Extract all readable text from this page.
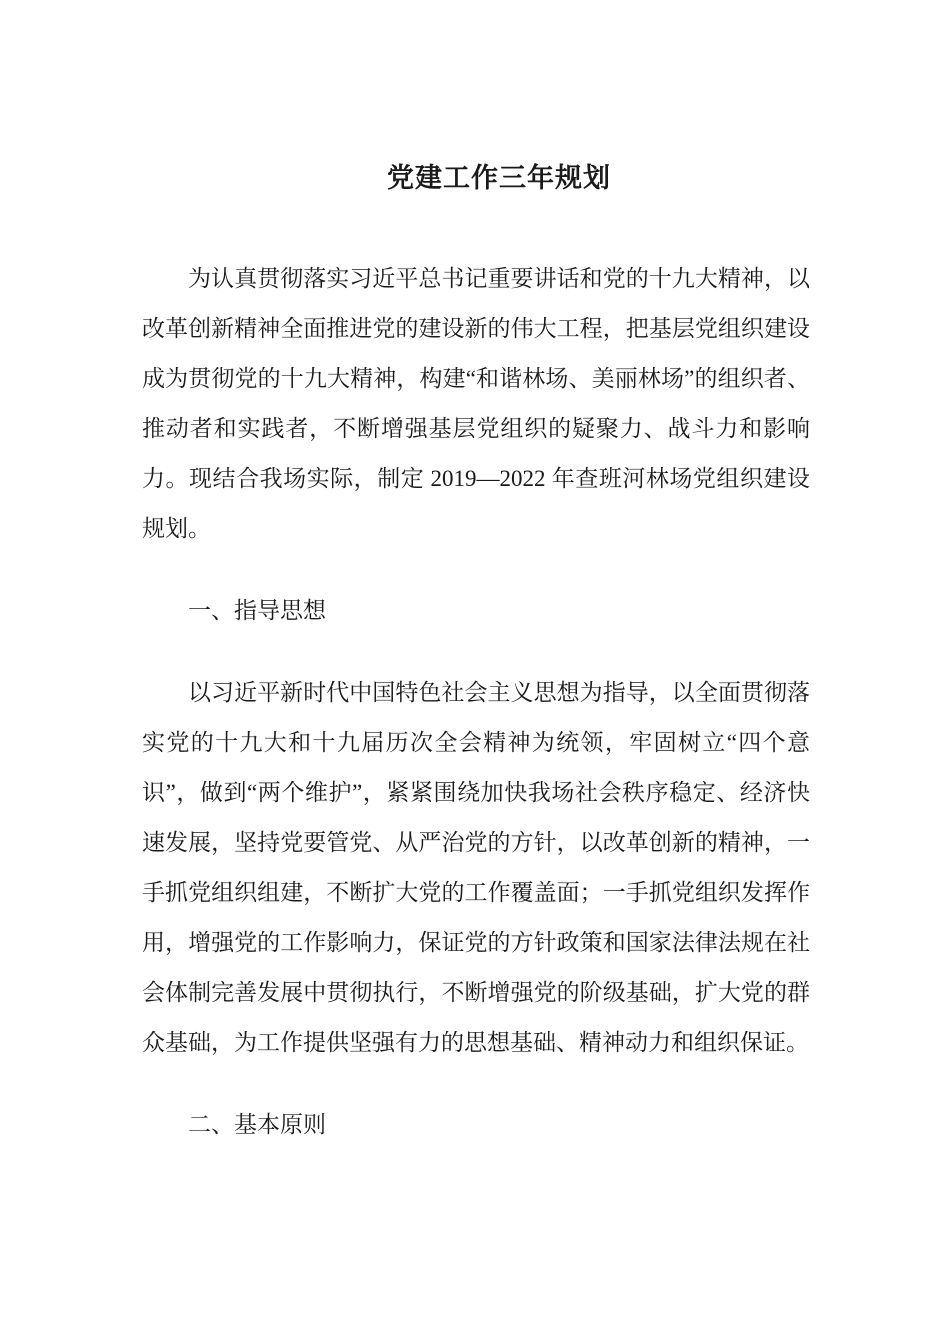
党建工作三年规划

为认真贯彻落实习近平总书记重要讲话和党的十九大精神，以改革创新精神全面推进党的建设新的伟大工程，把基层党组织建设成为贯彻党的十九大精神，构建“和谐林场、美丽林场”的组织者、推动者和实践者，不断增强基层党组织的疑聚力、战斗力和影响力。现结合我场实际，制定 2019—2022 年查班河林场党组织建设规划。

一、指导思想

以习近平新时代中国特色社会主义思想为指导，以全面贯彻落实党的十九大和十九届历次全会精神为统领，牢固树立“四个意识”，做到“两个维护”，紧紧围绕加快我场社会秩序稳定、经济快速发展，坚持党要管党、从严治党的方针，以改革创新的精神，一手抓党组织组建，不断扩大党的工作覆盖面；一手抓党组织发挥作用，增强党的工作影响力，保证党的方针政策和国家法律法规在社会体制完善发展中贯彻执行，不断增强党的阶级基础，扩大党的群众基础，为工作提供坚强有力的思想基础、精神动力和组织保证。

二、基本原则
